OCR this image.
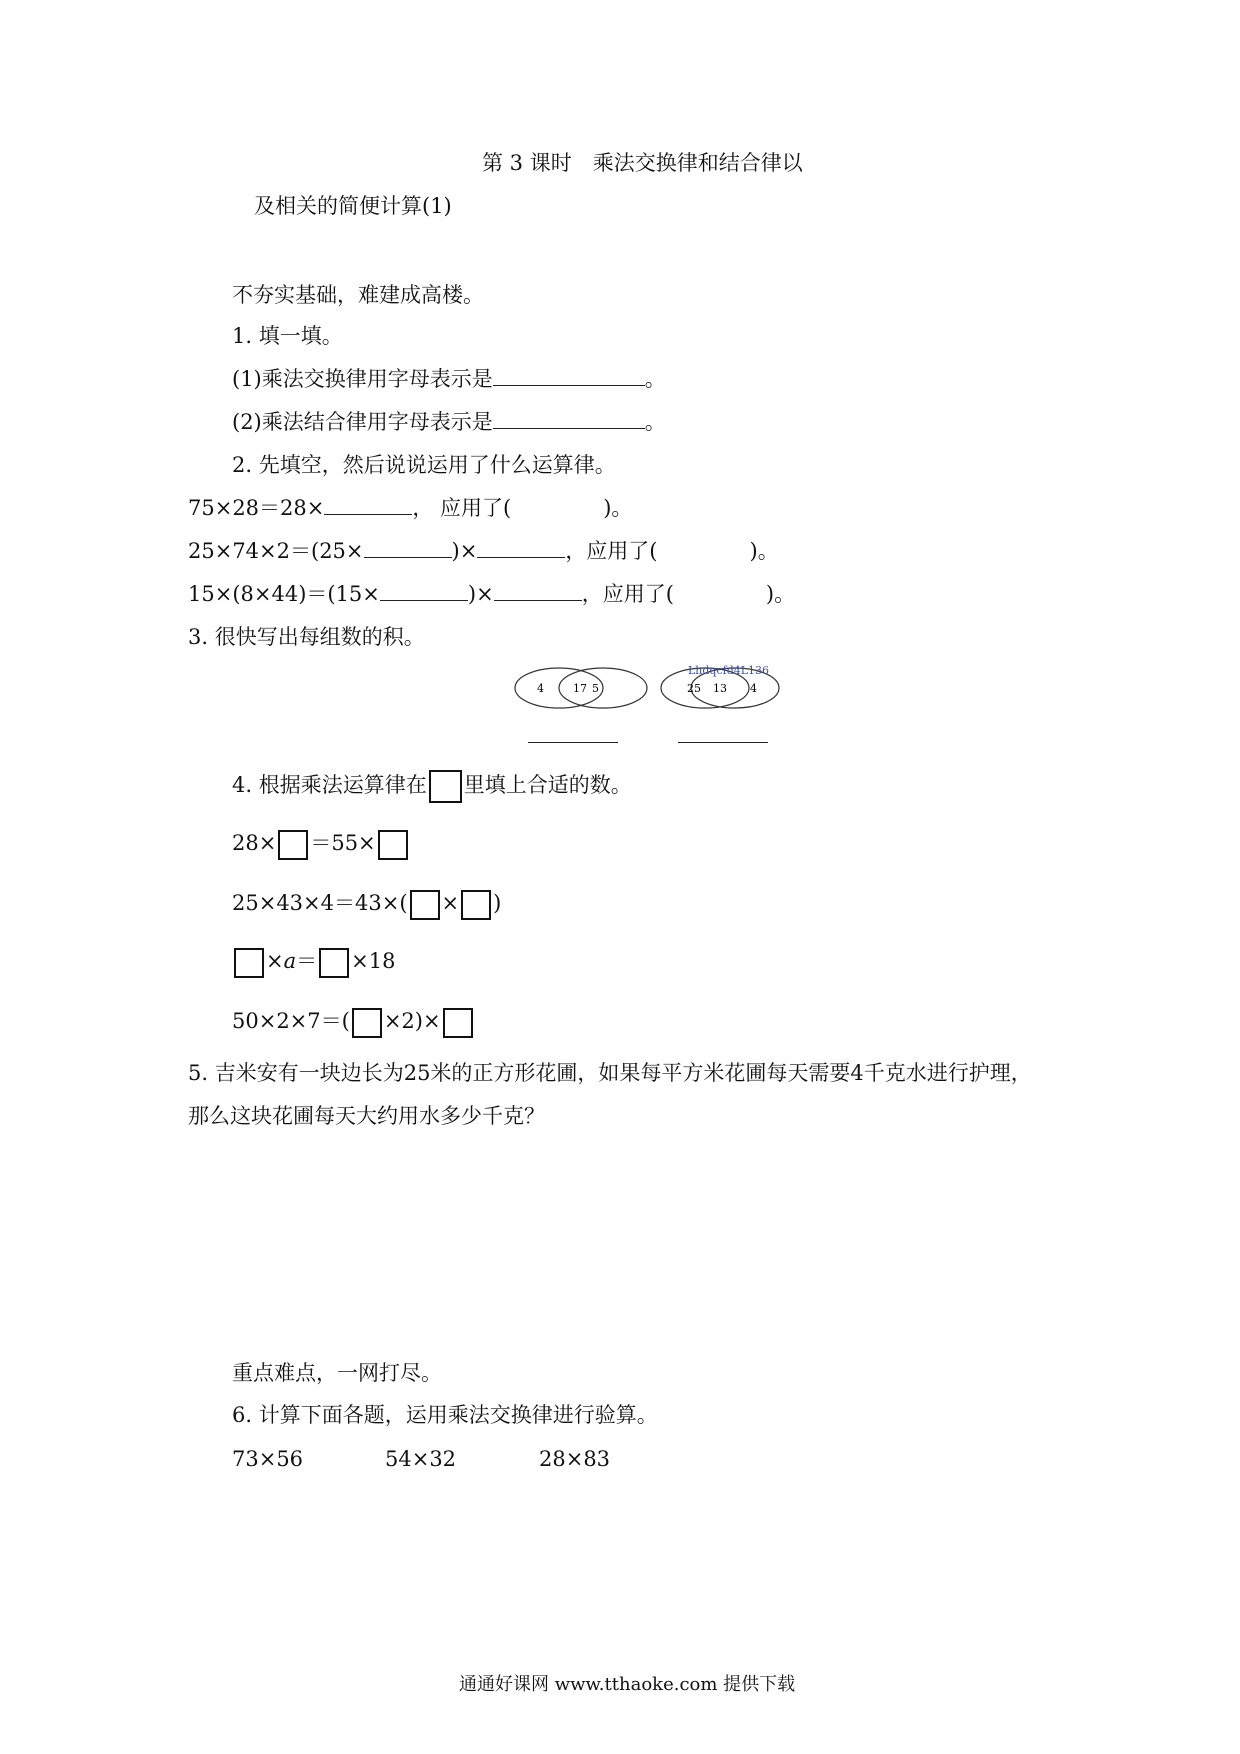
第 3 课时　乘法交换律和结合律以
及相关的简便计算(1)
不夯实基础，难建成高楼。
1. 填一填。
(1)乘法交换律用字母表示是	。
(2)乘法结合律用字母表示是	。
2. 先填空，然后说说运用了什么运算律。
75×28＝28×	， 应用了(	)。
25×74×2＝(25×	)×	，应用了(	)。
15×(8×44)＝(15×	)×	，应用了(	)。
3. 很快写出每组数的积。
4	17 5
Lhdqcfd4L136
25 13 4
4. 根据乘法运算律在 里填上合适的数。
28× ＝55×
25×43×4＝43×( × )
×a＝ ×18
50×2×7＝( ×2)×
5. 吉米安有一块边长为25米的正方形花圃，如果每平方米花圃每天需要4千克水进行护理，
那么这块花圃每天大约用水多少千克？
重点难点，一网打尽。
6. 计算下面各题，运用乘法交换律进行验算。
73×56	54×32	28×83
通通好课网 www.tthaoke.com 提供下载
